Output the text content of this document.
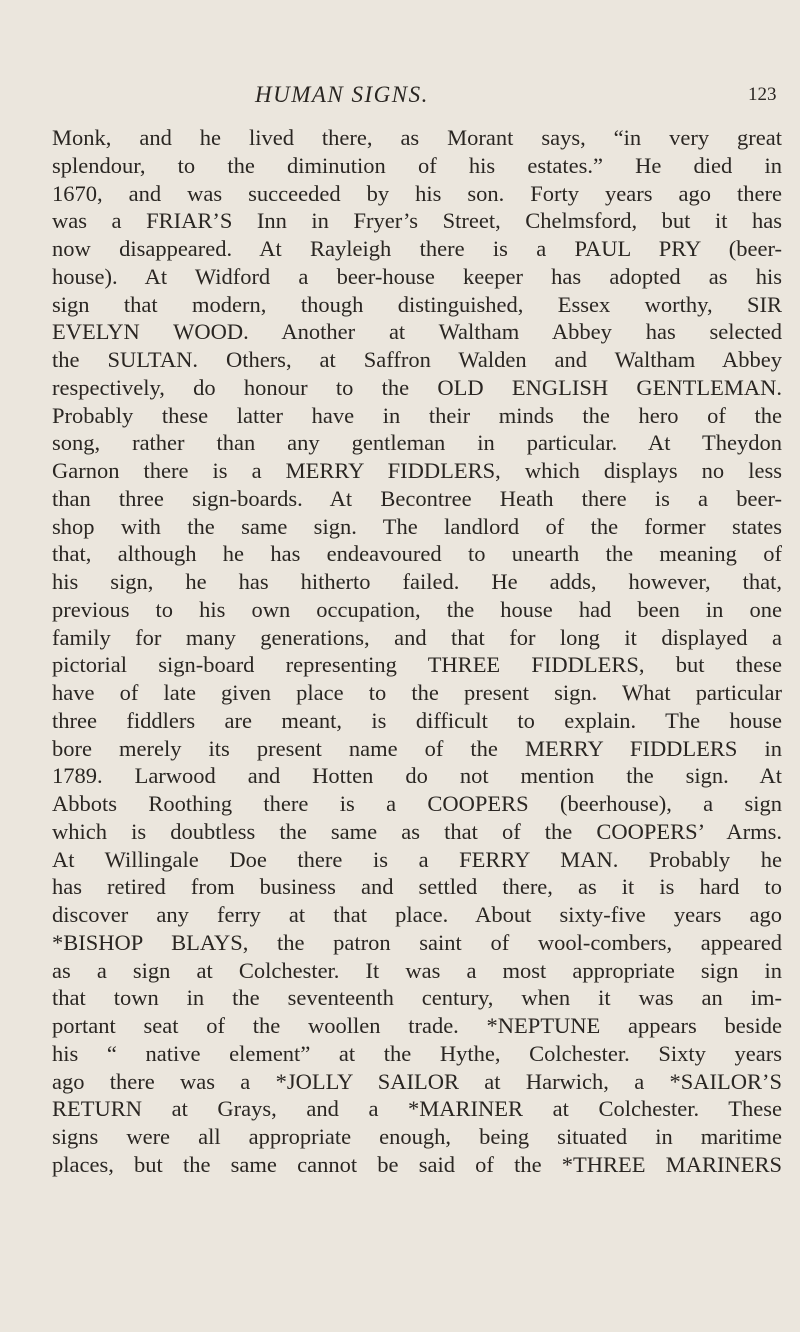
HUMAN SIGNS.	123
Monk, and he lived there, as Morant says, “in very great
splendour, to the diminution of his estates.” He died in
1670, and was succeeded by his son. Forty years ago there
was a FRIAR’S Inn in Fryer’s Street, Chelmsford, but it has
now disappeared. At Rayleigh there is a PAUL PRY (beer-
house). At Widford a beer-house keeper has adopted as his
sign that modern, though distinguished, Essex worthy, SIR
EVELYN WOOD. Another at Waltham Abbey has selected
the SULTAN. Others, at Saffron Walden and Waltham Abbey
respectively, do honour to the OLD ENGLISH GENTLEMAN.
Probably these latter have in their minds the hero of the
song, rather than any gentleman in particular. At Theydon
Garnon there is a MERRY FIDDLERS, which displays no less
than three sign-boards. At Becontree Heath there is a beer-
shop with the same sign. The landlord of the former states
that, although he has endeavoured to unearth the meaning of
his sign, he has hitherto failed. He adds, however, that,
previous to his own occupation, the house had been in one
family for many generations, and that for long it displayed a
pictorial sign-board representing THREE FIDDLERS, but these
have of late given place to the present sign. What particular
three fiddlers are meant, is difficult to explain. The house
bore merely its present name of the MERRY FIDDLERS in
1789. Larwood and Hotten do not mention the sign. At
Abbots Roothing there is a COOPERS (beerhouse), a sign
which is doubtless the same as that of the COOPERS’ Arms.
At Willingale Doe there is a FERRY MAN. Probably he
has retired from business and settled there, as it is hard to
discover any ferry at that place. About sixty-five years ago
*BISHOP BLAYS, the patron saint of wool-combers, appeared
as a sign at Colchester. It was a most appropriate sign in
that town in the seventeenth century, when it was an im-
portant seat of the woollen trade. *NEPTUNE appears beside
his “ native element” at the Hythe, Colchester. Sixty years
ago there was a *JOLLY SAILOR at Harwich, a *SAILOR’S
RETURN at Grays, and a *MARINER at Colchester. These
signs were all appropriate enough, being situated in maritime
places, but the same cannot be said of the *THREE MARINERS
